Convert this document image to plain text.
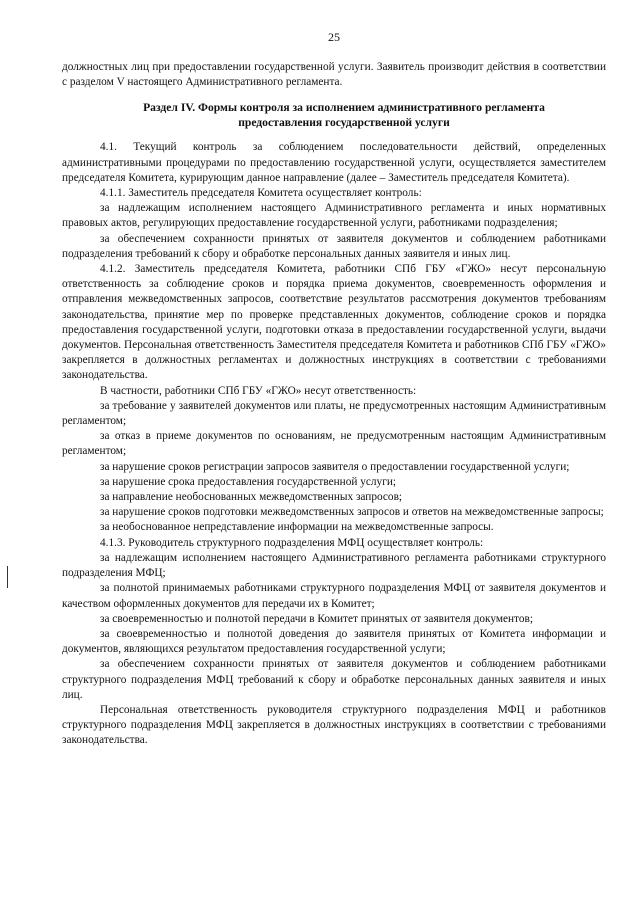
25

должностных лиц при предоставлении государственной услуги. Заявитель производит действия в соответствии с разделом V настоящего Административного регламента.

Раздел IV. Формы контроля за исполнением административного регламента
предоставления государственной услуги

4.1. Текущий контроль за соблюдением последовательности действий, определенных административными процедурами по предоставлению государственной услуги, осуществляется заместителем председателя Комитета, курирующим данное направление (далее – Заместитель председателя Комитета).

4.1.1. Заместитель председателя Комитета осуществляет контроль:

за надлежащим исполнением настоящего Административного регламента и иных нормативных правовых актов, регулирующих предоставление государственной услуги, работниками подразделения;

за обеспечением сохранности принятых от заявителя документов и соблюдением работниками подразделения требований к сбору и обработке персональных данных заявителя и иных лиц.

4.1.2. Заместитель председателя Комитета, работники СПб ГБУ «ГЖО» несут персональную ответственность за соблюдение сроков и порядка приема документов, своевременность оформления и отправления межведомственных запросов, соответствие результатов рассмотрения документов требованиям законодательства, принятие мер по проверке представленных документов, соблюдение сроков и порядка предоставления государственной услуги, подготовки отказа в предоставлении государственной услуги, выдачи документов. Персональная ответственность Заместителя председателя Комитета и работников СПб ГБУ «ГЖО» закрепляется в должностных регламентах и должностных инструкциях в соответствии с требованиями законодательства.

В частности, работники СПб ГБУ «ГЖО» несут ответственность:

за требование у заявителей документов или платы, не предусмотренных настоящим Административным регламентом;

за отказ в приеме документов по основаниям, не предусмотренным настоящим Административным регламентом;

за нарушение сроков регистрации запросов заявителя о предоставлении государственной услуги;

за нарушение срока предоставления государственной услуги;

за направление необоснованных межведомственных запросов;

за нарушение сроков подготовки межведомственных запросов и ответов на межведомственные запросы;

за необоснованное непредставление информации на межведомственные запросы.

4.1.3. Руководитель структурного подразделения МФЦ осуществляет контроль:

за надлежащим исполнением настоящего Административного регламента работниками структурного подразделения МФЦ;

за полнотой принимаемых работниками структурного подразделения МФЦ от заявителя документов и качеством оформленных документов для передачи их в Комитет;

за своевременностью и полнотой передачи в Комитет принятых от заявителя документов;

за своевременностью и полнотой доведения до заявителя принятых от Комитета информации и документов, являющихся результатом предоставления государственной услуги;

за обеспечением сохранности принятых от заявителя документов и соблюдением работниками структурного подразделения МФЦ требований к сбору и обработке персональных данных заявителя и иных лиц.

Персональная ответственность руководителя структурного подразделения МФЦ и работников структурного подразделения МФЦ закрепляется в должностных инструкциях в соответствии с требованиями законодательства.
